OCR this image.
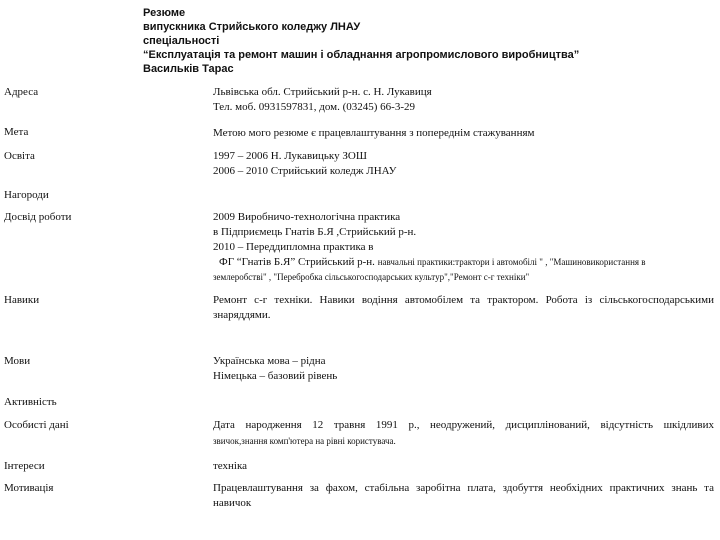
Резюме
випускника Стрийського коледжу ЛНАУ
спеціальності
“Експлуатація та ремонт машин і обладнання агропромислового виробництва”
Васильків Тарас
Адреса	Львівська обл. Стрийський р-н. с. Н. Лукавиця
Тел. моб. 0931597831, дом. (03245) 66-3-29
Мета	Метою мого резюме є працевлаштування з попереднім стажуванням
Освіта	1997 – 2006 Н. Лукавицьку ЗОШ
2006 – 2010 Стрийський коледж ЛНАУ
Нагороди
Досвід роботи	2009 Виробничо-технологічна практика
в Підприємець Гнатів Б.Я ,Стрийський р-н.
2010 – Переддипломна практика в
ФГ “Гнатів Б.Я” Стрийський р-н. навчальні практики:трактори і автомобілі " , "Машиновикористання в
землеробстві" , "Перебробка сільськогосподарських культур","Ремонт с-г техніки"
Навики	Ремонт с-г техніки. Навики водіння автомобілем та трактором. Робота із сільськогосподарськими знаряддями.
Мови	Українська мова – рідна
Німецька – базовий рівень
Активність
Особисті дані	Дата народження 12 травня 1991 р., неодружений, дисциплінований, відсутність шкідливих
звичок,знання комп'ютера на рівні користувача.
Інтереси	техніка
Мотивація	Працевлаштування за фахом, стабільна заробітна плата, здобуття необхідних практичних знань та навичок
